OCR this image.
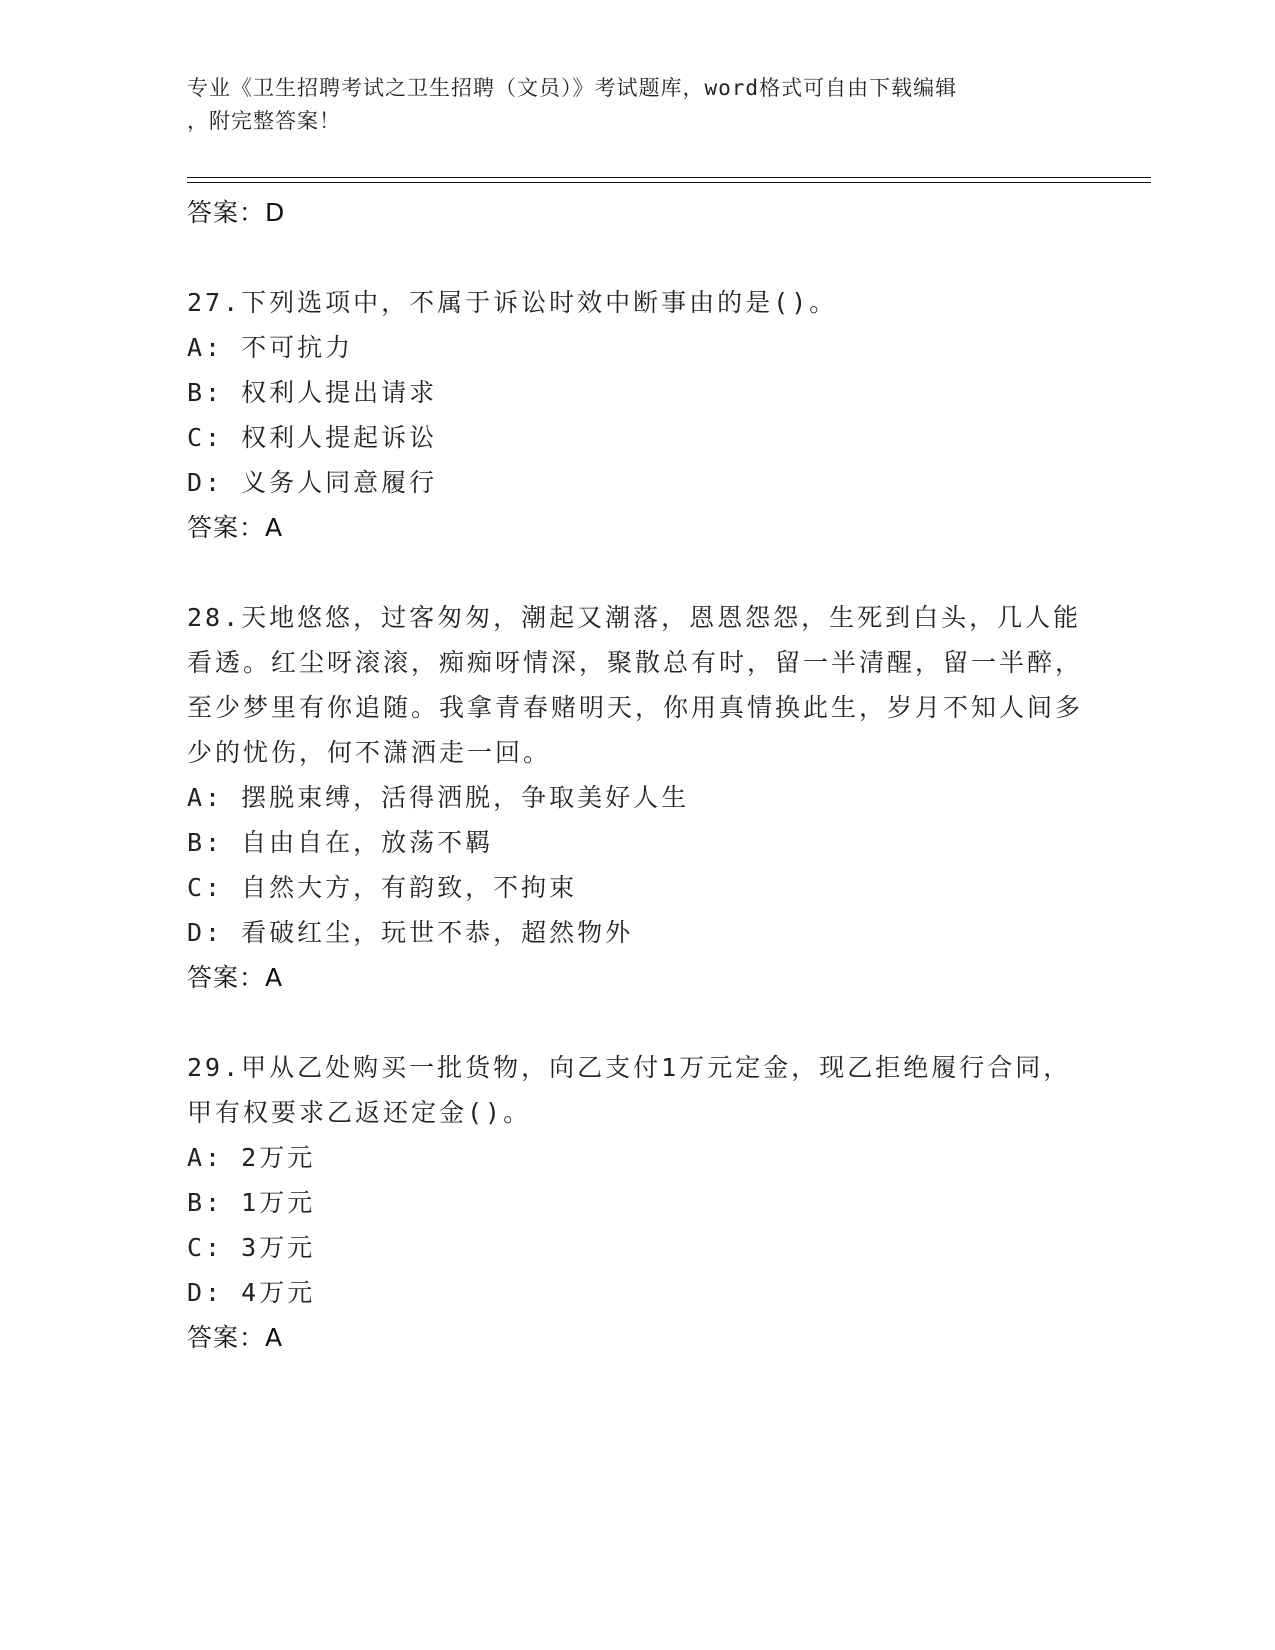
专业《卫生招聘考试之卫生招聘（文员）》考试题库，word格式可自由下载编辑
，附完整答案！
答案：D
27.下列选项中，不属于诉讼时效中断事由的是()。
A: 不可抗力
B: 权利人提出请求
C: 权利人提起诉讼
D: 义务人同意履行
答案：A
28.天地悠悠，过客匆匆，潮起又潮落，恩恩怨怨，生死到白头，几人能看透。红尘呀滚滚，痴痴呀情深，聚散总有时，留一半清醒，留一半醉，至少梦里有你追随。我拿青春赌明天，你用真情换此生，岁月不知人间多少的忧伤，何不潇洒走一回。
A: 摆脱束缚，活得洒脱，争取美好人生
B: 自由自在，放荡不羁
C: 自然大方，有韵致，不拘束
D: 看破红尘，玩世不恭，超然物外
答案：A
29.甲从乙处购买一批货物，向乙支付1万元定金，现乙拒绝履行合同，甲有权要求乙返还定金()。
A: 2万元
B: 1万元
C: 3万元
D: 4万元
答案：A
